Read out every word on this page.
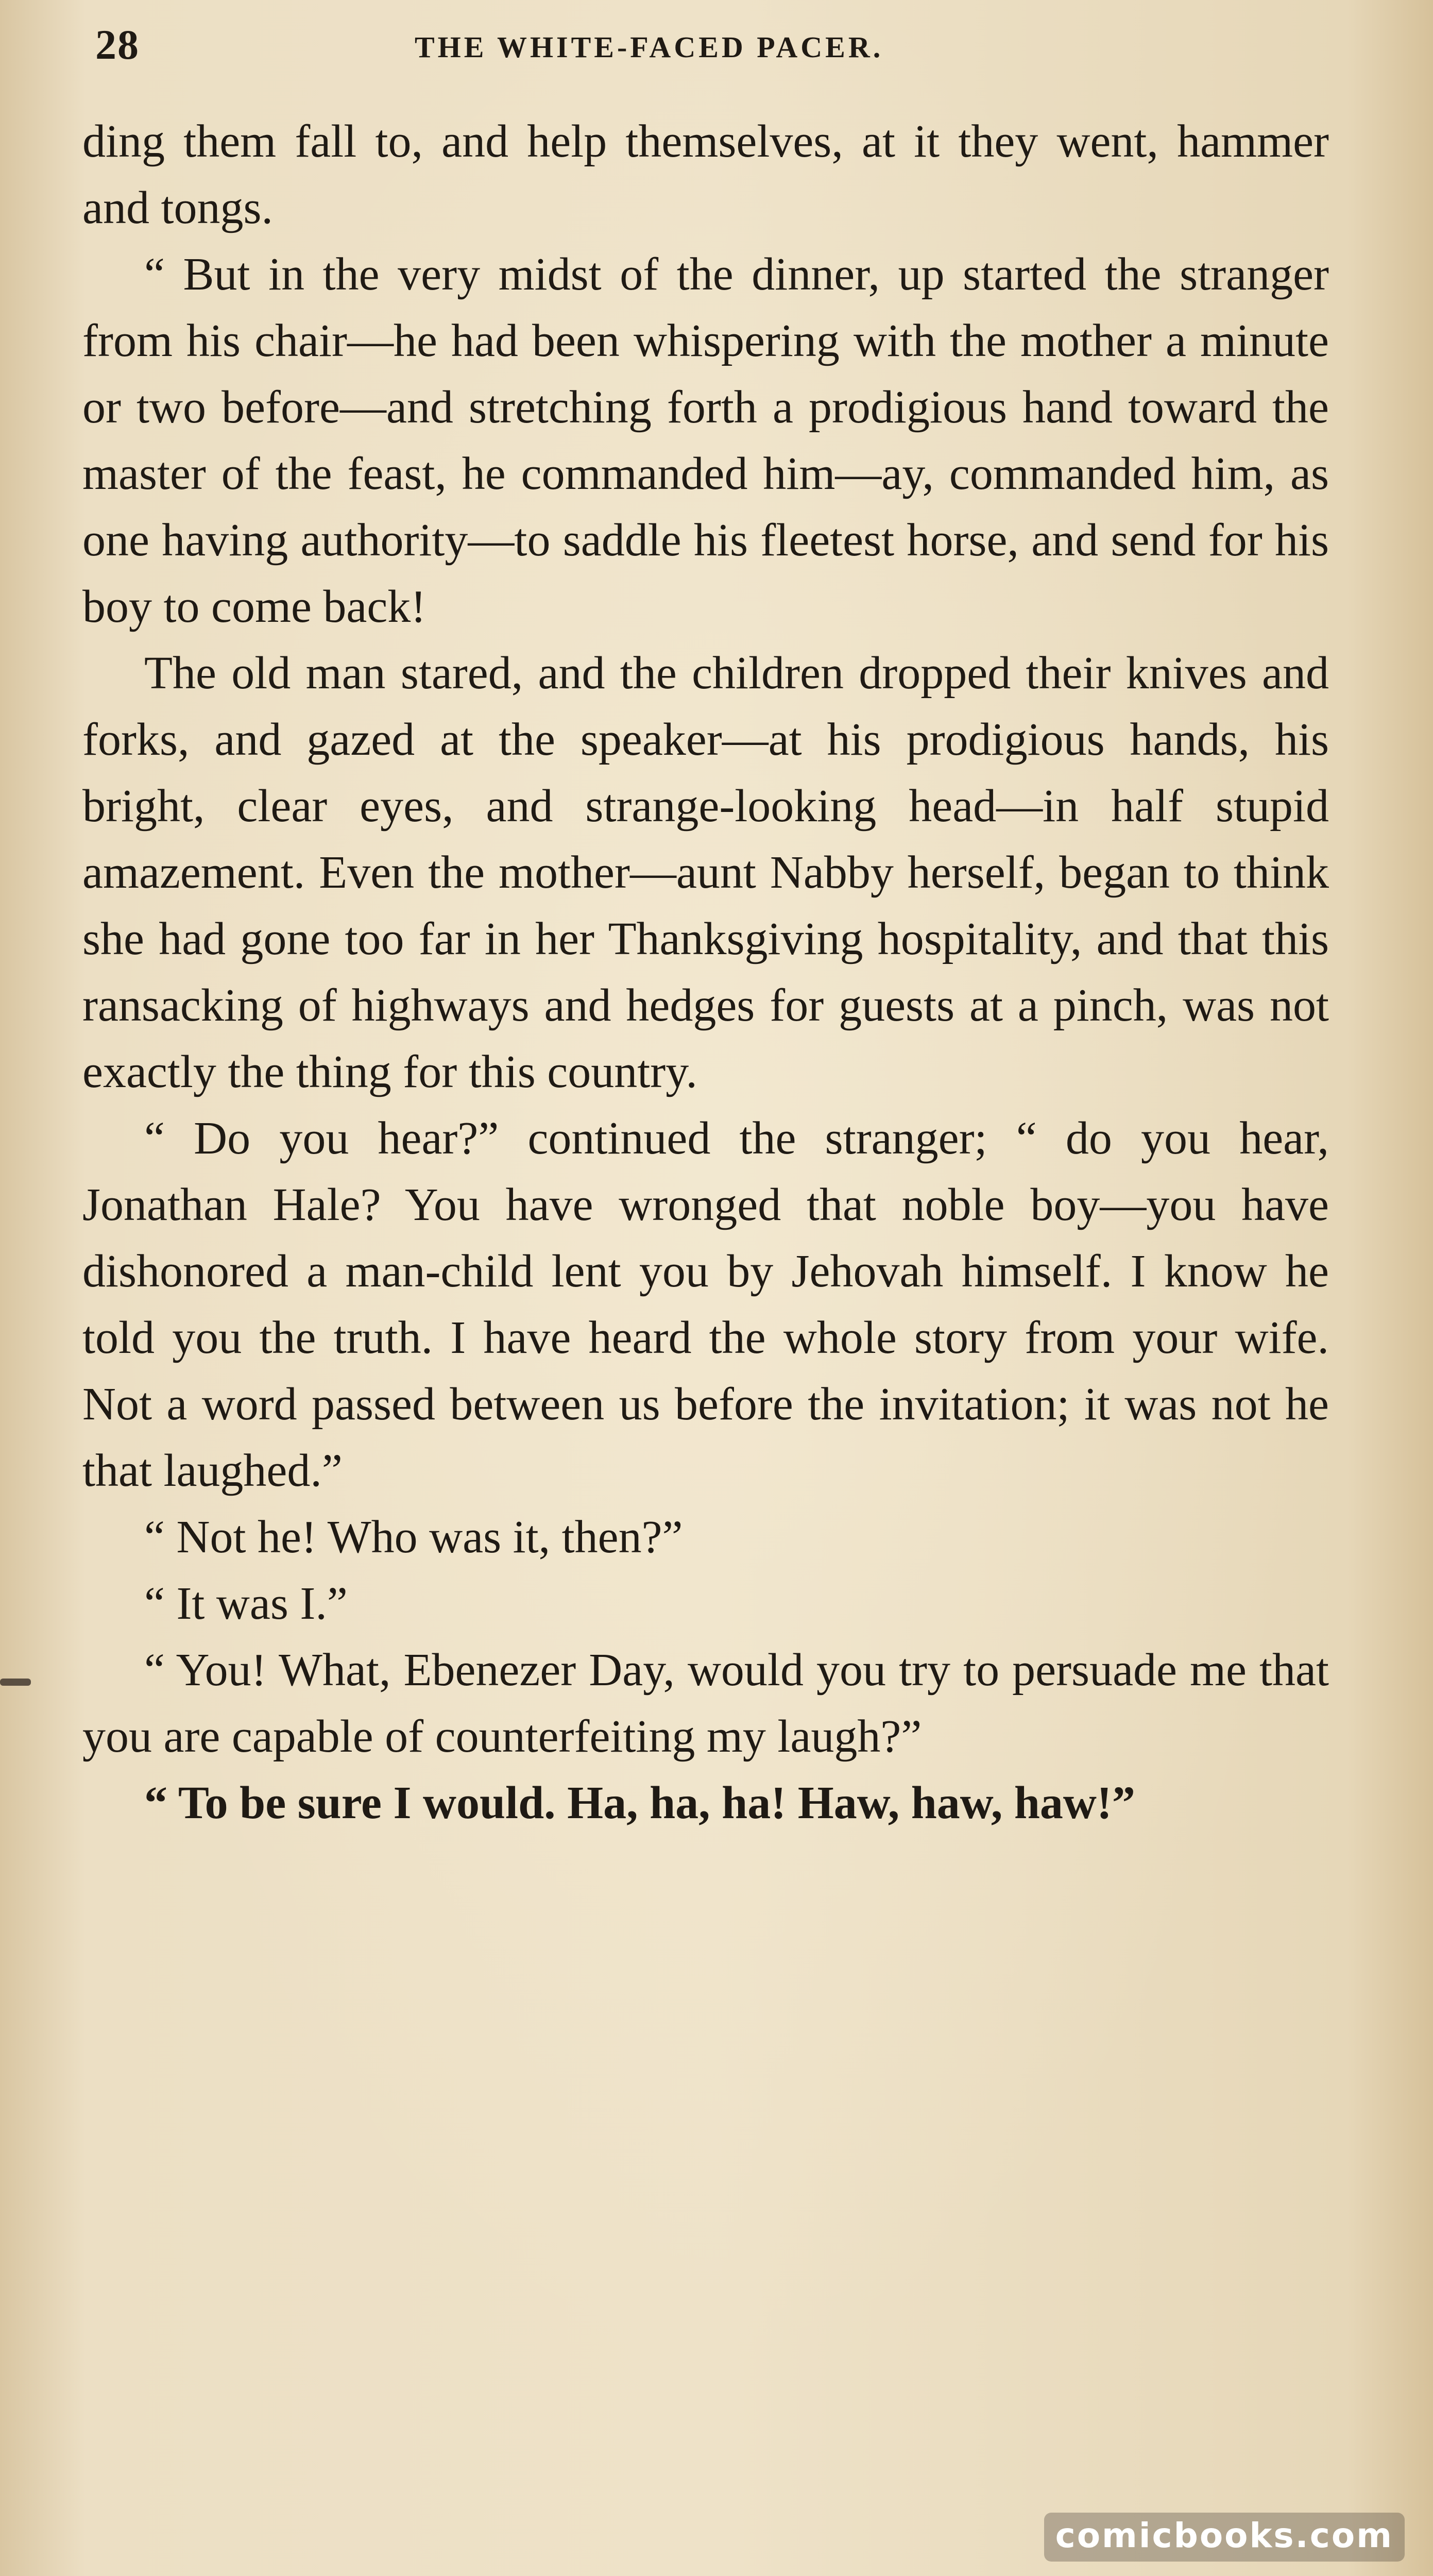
28	THE WHITE-FACED PACER.

ding them fall to, and help themselves, at it they went, hammer and tongs.

“ But in the very midst of the dinner, up started the stranger from his chair—he had been whispering with the mother a minute or two before—and stretching forth a prodigious hand toward the master of the feast, he commanded him—ay, commanded him, as one having authority—to saddle his fleetest horse, and send for his boy to come back!

The old man stared, and the children dropped their knives and forks, and gazed at the speaker—at his prodigious hands, his bright, clear eyes, and strange-looking head—in half stupid amazement. Even the mother—aunt Nabby herself, began to think she had gone too far in her Thanksgiving hospitality, and that this ransacking of highways and hedges for guests at a pinch, was not exactly the thing for this country.

“ Do you hear?” continued the stranger; “ do you hear, Jonathan Hale? You have wronged that noble boy—you have dishonored a man-child lent you by Jehovah himself. I know he told you the truth. I have heard the whole story from your wife. Not a word passed between us before the invitation; it was not he that laughed.”

“ Not he! Who was it, then?”

“ It was I.”

“ You! What, Ebenezer Day, would you try to persuade me that you are capable of counterfeiting my laugh?”

“ To be sure I would. Ha, ha, ha! Haw, haw, haw!”

comicbooks.com
